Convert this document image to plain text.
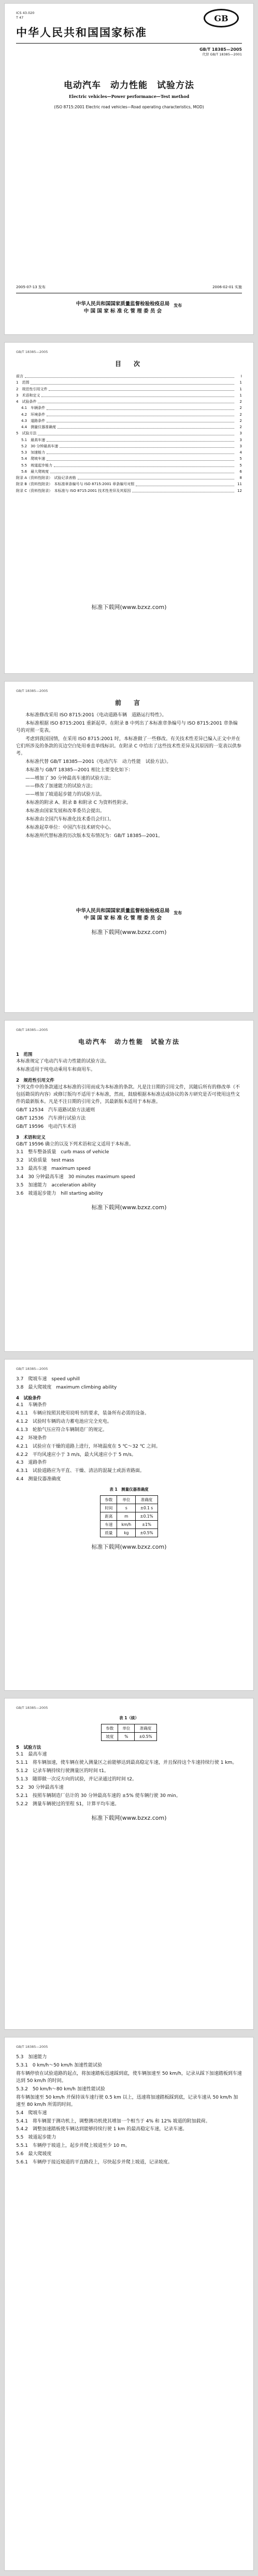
ICS 43.020
T 47	GB
中华人民共和国国家标准
GB/T 18385—2005
代替 GB/T 18385—2001
电动汽车　动力性能　试验方法
Electric vehicles—Power performance—Test method
(ISO 8715:2001 Electric road vehicles—Road operating characteristics, MOD)
2005-07-13 发布	2006-02-01 实施
中华人民共和国国家质量监督检验检疫总局
中 国 国 家 标 准 化 管 理 委 员 会
发布
GB/T 18385—2005
目　次
前言	Ⅰ
1　范围	1
2　规范性引用文件	1
3　术语和定义	1
4　试验条件	2
4.1　车辆条件	2
4.2　环境条件	2
4.3　道路条件	2
4.4　测量仪器准确度	2
5　试验方法	3
5.1　最高车速	3
5.2　30 分钟最高车速	3
5.3　加速能力	4
5.4　爬坡车速	5
5.5　坡道起步能力	5
5.6　最大爬坡度	6
附录 A（资料性附录）　试验记录表格	8
附录 B（资料性附录）　本标准章条编号与 ISO 8715:2001 章条编号对照	11
附录 C（资料性附录）　本标准与 ISO 8715:2001 技术性差异及其原因	12
标准下载网(www.bzxz.com)
GB/T 18385—2005
前　言

本标准修改采用 ISO 8715:2001《电动道路车辆　道路运行特性》。

本标准根据 ISO 8715:2001 重新起草。在附录 B 中列出了本标准章条编号与 ISO 8715:2001 章条编号的对照一览表。

考虑到我国国情，在采用 ISO 8715:2001 时，本标准做了一些修改。有关技术性差异已编入正文中并在它们所涉及的条款的页边空白处用垂直单线标识。在附录 C 中给出了这些技术性差异及其原因的一览表以供参考。

本标准代替 GB/T 18385—2001《电动汽车　动力性能　试验方法》。

本标准与 GB/T 18385—2001 相比主要变化如下：

——增加了 30 分钟最高车速的试验方法；

——修改了加速能力的试验方法；

——增加了坡道起步能力的试验方法。

本标准的附录 A、附录 B 和附录 C 为资料性附录。

本标准由国家发展和改革委员会提出。

本标准由全国汽车标准化技术委员会归口。

本标准起草单位：中国汽车技术研究中心。

本标准所代替标准的历次版本发布情况为：GB/T 18385—2001。

中华人民共和国国家质量监督检验检疫总局
中 国 国 家 标 准 化 管 理 委 员 会
发布
标准下载网(www.bzxz.com)
GB/T 18385—2005
电动汽车　动力性能　试验方法
1　范围

本标准规定了电动汽车动力性能的试验方法。

本标准适用于纯电动乘用车和商用车。

2　规范性引用文件

下列文件中的条款通过本标准的引用而成为本标准的条款。凡是注日期的引用文件，其随后所有的修改单（不包括勘误的内容）或修订版均不适用于本标准，然而，鼓励根据本标准达成协议的各方研究是否可使用这些文件的最新版本。凡是不注日期的引用文件，其最新版本适用于本标准。

GB/T 12534　汽车道路试验方法通则

GB/T 12536　汽车滑行试验方法

GB/T 19596　电动汽车术语

3　术语和定义

GB/T 19596 确立的以及下列术语和定义适用于本标准。

3.1　整车整备质量　curb mass of vehicle

3.2　试验质量　test mass

3.3　最高车速　maximum speed

3.4　30 分钟最高车速　30 minutes maximum speed

3.5　加速能力　acceleration ability

3.6　坡道起步能力　hill starting ability

标准下载网(www.bzxz.com)
GB/T 18385—2005

3.7　爬坡车速　speed uphill

3.8　最大爬坡度　maximum climbing ability

4　试验条件

4.1　车辆条件

4.1.1　车辆应按照其使用说明书的要求，装备所有必需的设备。

4.1.2　试验时车辆的动力蓄电池应完全充电。

4.1.3　轮胎气压应符合车辆制造厂的规定。

4.2　环境条件

4.2.1　试验应在干燥的道路上进行，环境温度在 5 ℃～32 ℃ 之间。

4.2.2　平均风速应小于 3 m/s，最大风速应小于 5 m/s。

4.3　道路条件

4.3.1　试验道路应为平直、干燥、清洁的混凝土或沥青路面。

4.4　测量仪器准确度

表 1　测量仪器准确度
参数	单位	准确度
时间	s	±0.1 s
距离	m	±0.1%
车速	km/h	±1%
质量	kg	±0.5%
标准下载网(www.bzxz.com)
GB/T 18385—2005
表 1（续）
参数	单位	准确度
坡度	%	±0.5%
5　试验方法

5.1　最高车速

5.1.1　将车辆加速，使车辆在驶入测量区之前能够达到最高稳定车速，并且保持这个车速持续行驶 1 km。

5.1.2　记录车辆持续行驶测量区的时间 t1。

5.1.3　随即做一次反方向的试验，并记录通过的时间 t2。

5.2　30 分钟最高车速

5.2.1　按照车辆制造厂估计的 30 分钟最高车速的 ±5% 使车辆行驶 30 min。

5.2.2　测量车辆驶过的里程 S1，计算平均车速。

标准下载网(www.bzxz.com)
GB/T 18385—2005

5.3　加速能力

5.3.1　0 km/h～50 km/h 加速性能试验

将车辆停放在试验道路的起点，将加速踏板迅速踩到底，使车辆加速至 50 km/h，记录从踩下加速踏板到车速达到 50 km/h 的时间。

5.3.2　50 km/h～80 km/h 加速性能试验

将车辆加速至 50 km/h 并保持该车速行驶 0.5 km 以上，迅速将加速踏板踩到底，记录车速从 50 km/h 加速至 80 km/h 所需的时间。

5.4　爬坡车速

5.4.1　将车辆置于测功机上，调整测功机使其增加一个相当于 4% 和 12% 坡道的附加载荷。

5.4.2　调整加速踏板使车辆达到能够持续行驶 1 km 的最高稳定车速，记录车速。

5.5　坡道起步能力

5.5.1　车辆停于坡道上，起步并爬上坡道至少 10 m。

5.6　最大爬坡度

5.6.1　车辆停于接近坡道的平直路段上，尽快起步并爬上坡道，记录坡度。
